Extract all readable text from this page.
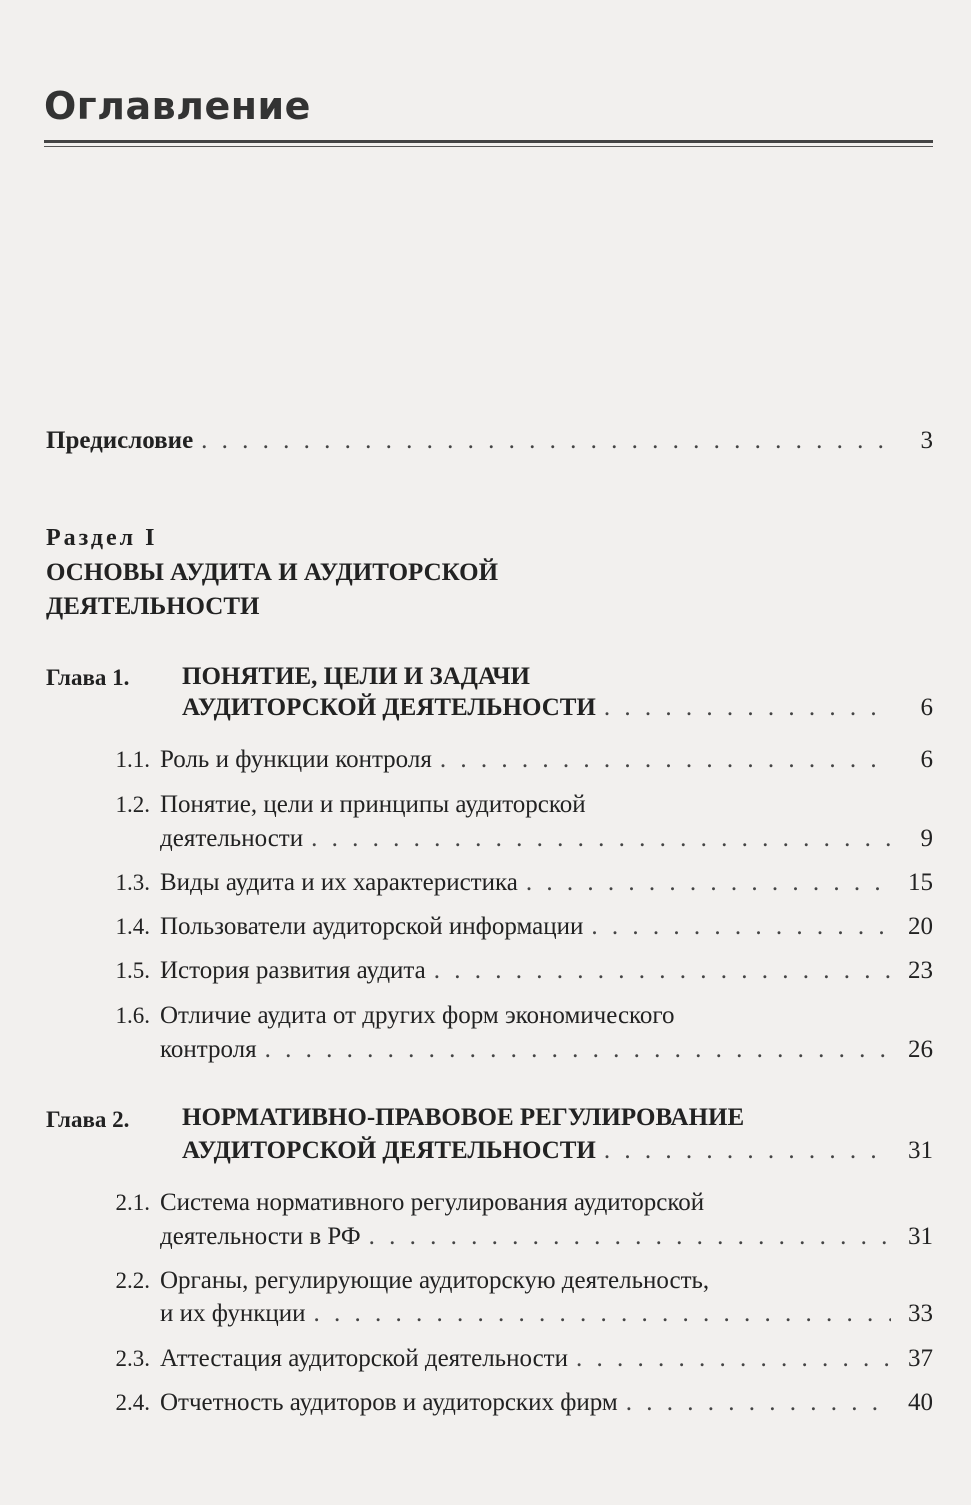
Оглавление
Предисловие . . .	3
Раздел I
ОСНОВЫ АУДИТА И АУДИТОРСКОЙ
ДЕЯТЕЛЬНОСТИ
Глава 1. ПОНЯТИЕ, ЦЕЛИ И ЗАДАЧИ
АУДИТОРСКОЙ ДЕЯТЕЛЬНОСТИ . . .	6
1.1. Роль и функции контроля . . .	6
1.2. Понятие, цели и принципы аудиторской
деятельности . . .	9
1.3. Виды аудита и их характеристика . . .	15
1.4. Пользователи аудиторской информации . . .	20
1.5. История развития аудита . . .	23
1.6. Отличие аудита от других форм экономического
контроля . . .	26
Глава 2. НОРМАТИВНО-ПРАВОВОЕ РЕГУЛИРОВАНИЕ
АУДИТОРСКОЙ ДЕЯТЕЛЬНОСТИ . . .	31
2.1. Система нормативного регулирования аудиторской
деятельности в РФ . . .	31
2.2. Органы, регулирующие аудиторскую деятельность,
и их функции . . .	33
2.3. Аттестация аудиторской деятельности . . .	37
2.4. Отчетность аудиторов и аудиторских фирм . . .	40
